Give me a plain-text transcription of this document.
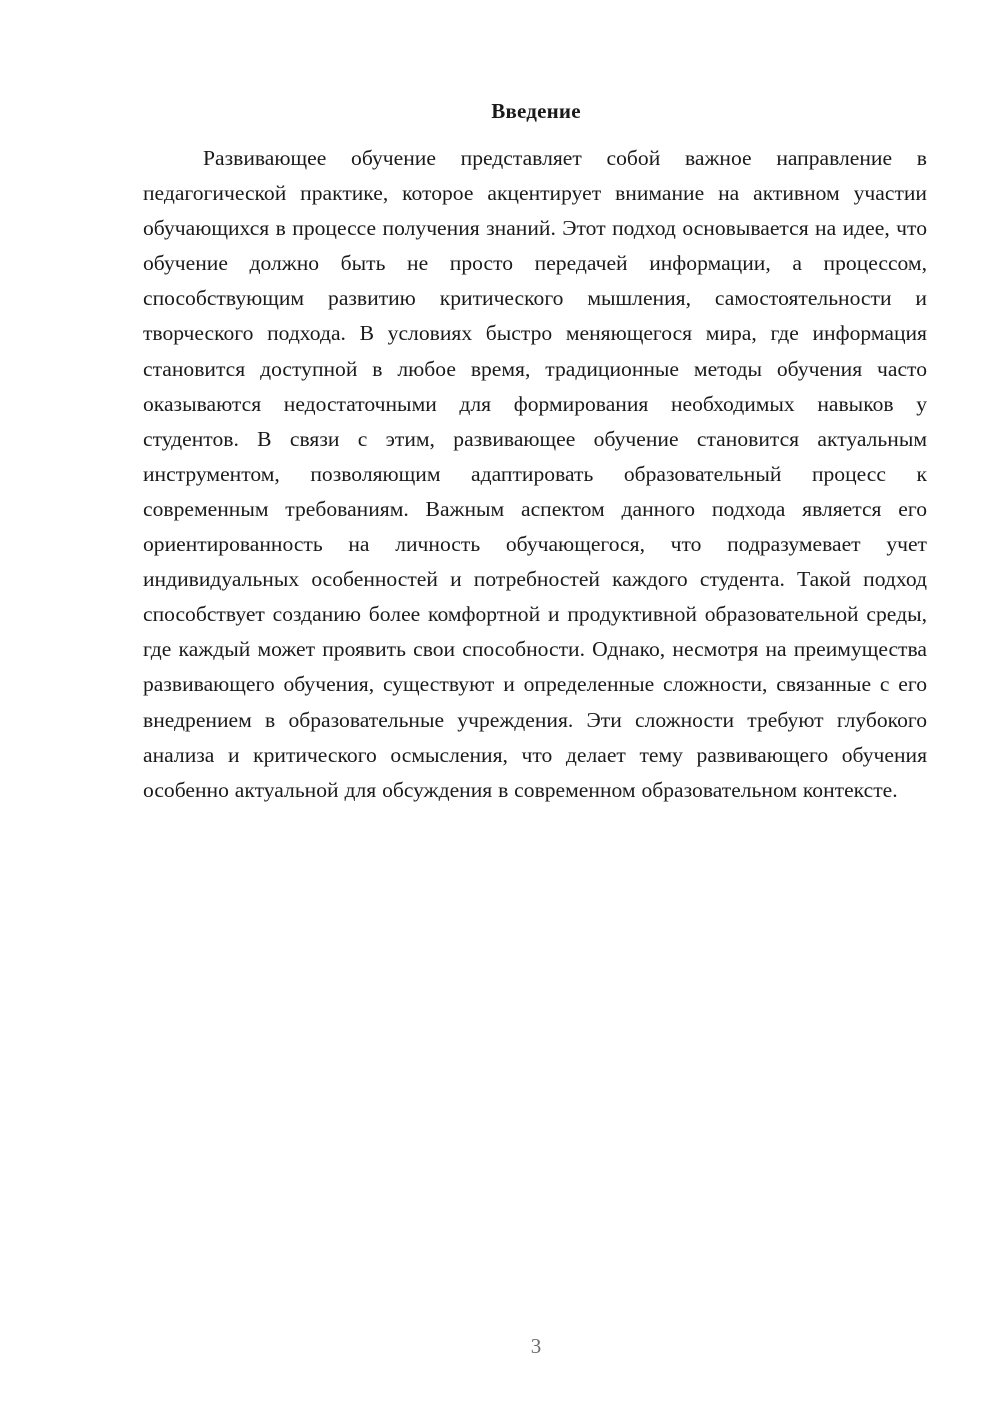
Введение

Развивающее обучение представляет собой важное направление в педагогической практике, которое акцентирует внимание на активном участии обучающихся в процессе получения знаний. Этот подход основывается на идее, что обучение должно быть не просто передачей информации, а процессом, способствующим развитию критического мышления, самостоятельности и творческого подхода. В условиях быстро меняющегося мира, где информация становится доступной в любое время, традиционные методы обучения часто оказываются недостаточными для формирования необходимых навыков у студентов. В связи с этим, развивающее обучение становится актуальным инструментом, позволяющим адаптировать образовательный процесс к современным требованиям. Важным аспектом данного подхода является его ориентированность на личность обучающегося, что подразумевает учет индивидуальных особенностей и потребностей каждого студента. Такой подход способствует созданию более комфортной и продуктивной образовательной среды, где каждый может проявить свои способности. Однако, несмотря на преимущества развивающего обучения, существуют и определенные сложности, связанные с его внедрением в образовательные учреждения. Эти сложности требуют глубокого анализа и критического осмысления, что делает тему развивающего обучения особенно актуальной для обсуждения в современном образовательном контексте.

3
